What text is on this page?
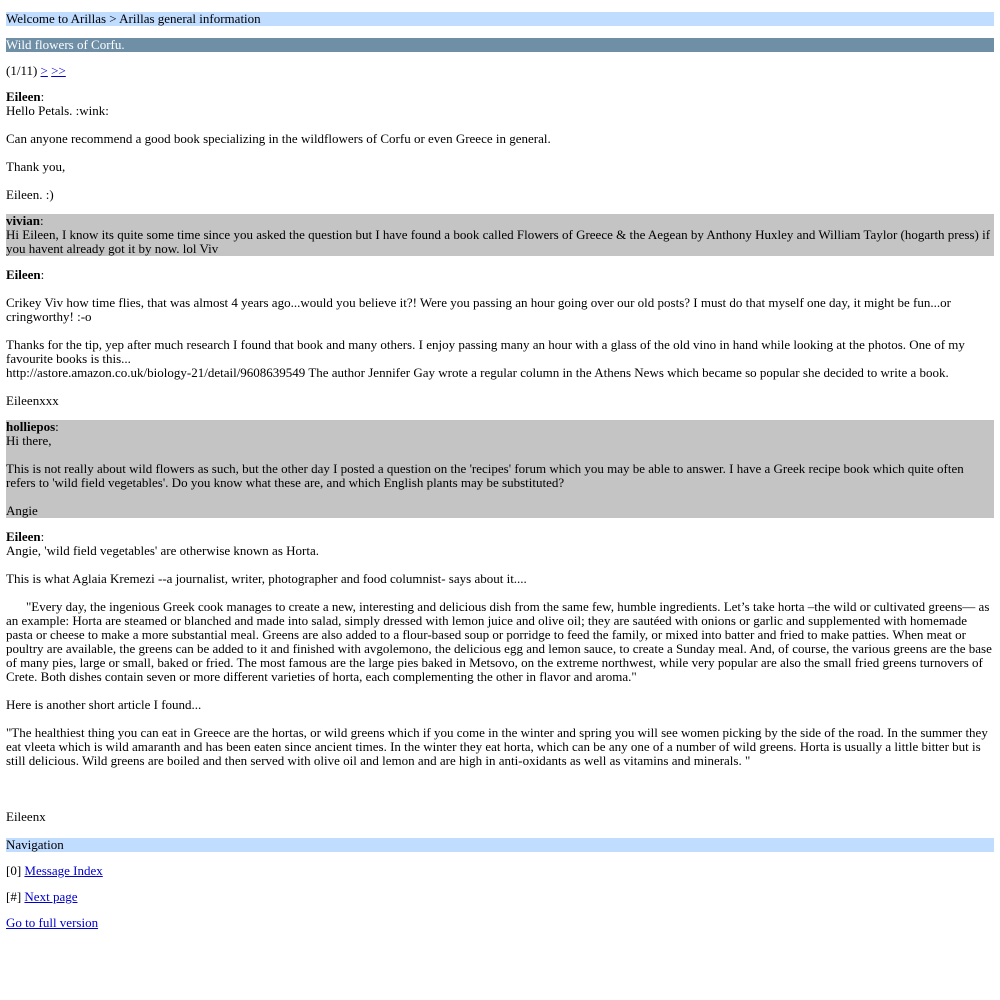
Welcome to Arillas > Arillas general information
Wild flowers of Corfu.
(1/11) > >>

Eileen:
Hello Petals. :wink:

Can anyone recommend a good book specializing in the wildflowers of Corfu or even Greece in general.

Thank you,

Eileen. :)

vivian:
Hi Eileen, I know its quite some time since you asked the question but I have found a book called Flowers of Greece & the Aegean by Anthony Huxley and William Taylor (hogarth press) if you havent already got it by now. lol Viv

Eileen:

Crikey Viv how time flies, that was almost 4 years ago...would you believe it?! Were you passing an hour going over our old posts? I must do that myself one day, it might be fun...or cringworthy! :-o

Thanks for the tip, yep after much research I found that book and many others. I enjoy passing many an hour with a glass of the old vino in hand while looking at the photos. One of my favourite books is this...
http://astore.amazon.co.uk/biology-21/detail/9608639549 The author Jennifer Gay wrote a regular column in the Athens News which became so popular she decided to write a book.

Eileenxxx

holliepos:
Hi there,

This is not really about wild flowers as such, but the other day I posted a question on the 'recipes' forum which you may be able to answer. I have a Greek recipe book which quite often refers to 'wild field vegetables'. Do you know what these are, and which English plants may be substituted?

Angie

Eileen:
Angie, 'wild field vegetables' are otherwise known as Horta.

This is what Aglaia Kremezi --a journalist, writer, photographer and food columnist- says about it....

"Every day, the ingenious Greek cook manages to create a new, interesting and delicious dish from the same few, humble ingredients. Let’s take horta –the wild or cultivated greens— as an example: Horta are steamed or blanched and made into salad, simply dressed with lemon juice and olive oil; they are sautéed with onions or garlic and supplemented with homemade pasta or cheese to make a more substantial meal. Greens are also added to a flour-based soup or porridge to feed the family, or mixed into batter and fried to make patties. When meat or poultry are available, the greens can be added to it and finished with avgolemono, the delicious egg and lemon sauce, to create a Sunday meal. And, of course, the various greens are the base of many pies, large or small, baked or fried. The most famous are the large pies baked in Metsovo, on the extreme northwest, while very popular are also the small fried greens turnovers of Crete. Both dishes contain seven or more different varieties of horta, each complementing the other in flavor and aroma."

Here is another short article I found...

"The healthiest thing you can eat in Greece are the hortas, or wild greens which if you come in the winter and spring you will see women picking by the side of the road. In the summer they eat vleeta which is wild amaranth and has been eaten since ancient times. In the winter they eat horta, which can be any one of a number of wild greens. Horta is usually a little bitter but is still delicious. Wild greens are boiled and then served with olive oil and lemon and are high in anti-oxidants as well as vitamins and minerals. "

Eileenx

Navigation
[0] Message Index
[#] Next page
Go to full version
